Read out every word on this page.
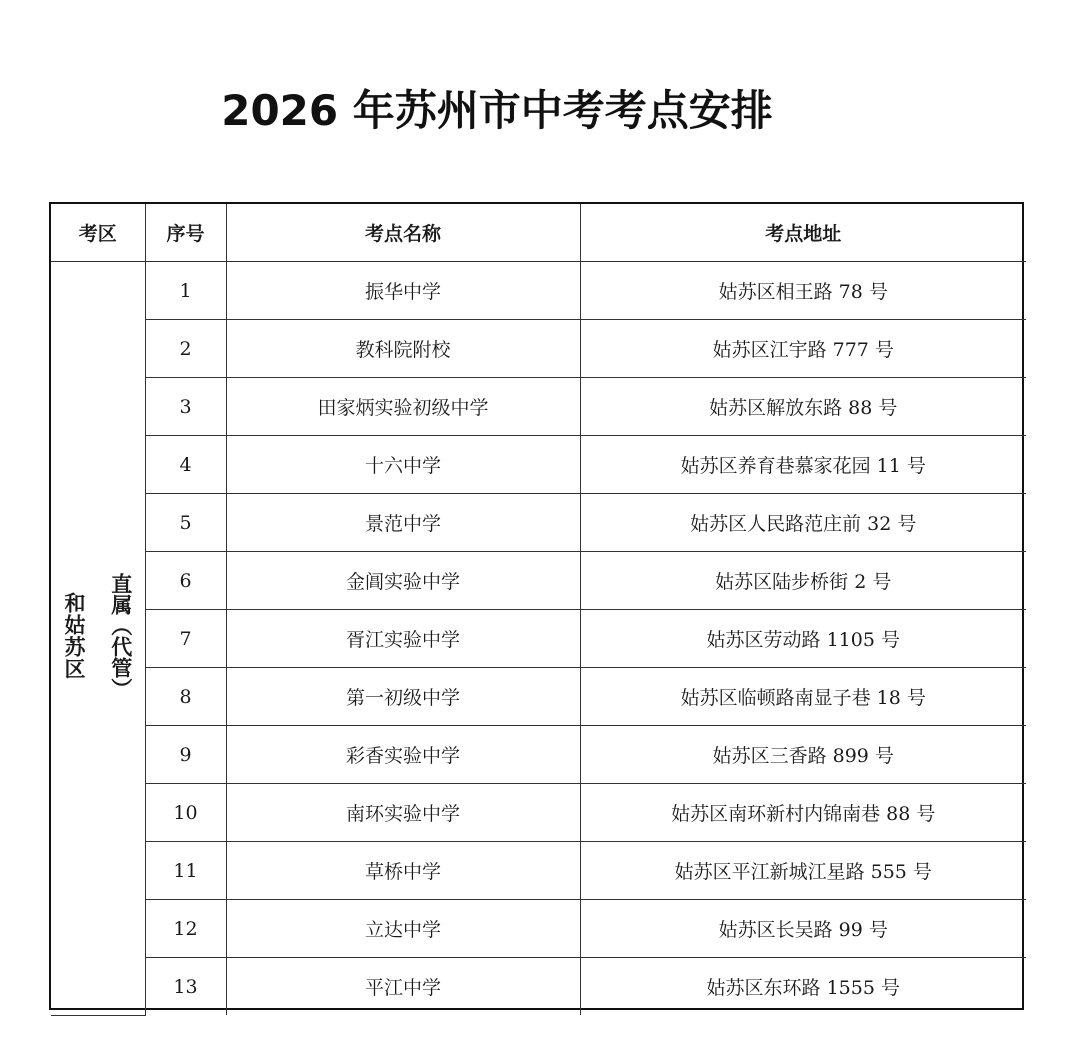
2026 年苏州市中考考点安排
考区		序号	考点名称	考点地址
和姑苏区	直属（代管）	1	振华中学	姑苏区相王路 78 号
		2	教科院附校	姑苏区江宇路 777 号
		3	田家炳实验初级中学	姑苏区解放东路 88 号
		4	十六中学	姑苏区养育巷慕家花园 11 号
		5	景范中学	姑苏区人民路范庄前 32 号
		6	金阊实验中学	姑苏区陆步桥街 2 号
		7	胥江实验中学	姑苏区劳动路 1105 号
		8	第一初级中学	姑苏区临顿路南显子巷 18 号
		9	彩香实验中学	姑苏区三香路 899 号
		10	南环实验中学	姑苏区南环新村内锦南巷 88 号
		11	草桥中学	姑苏区平江新城江星路 555 号
		12	立达中学	姑苏区长吴路 99 号
		13	平江中学	姑苏区东环路 1555 号
